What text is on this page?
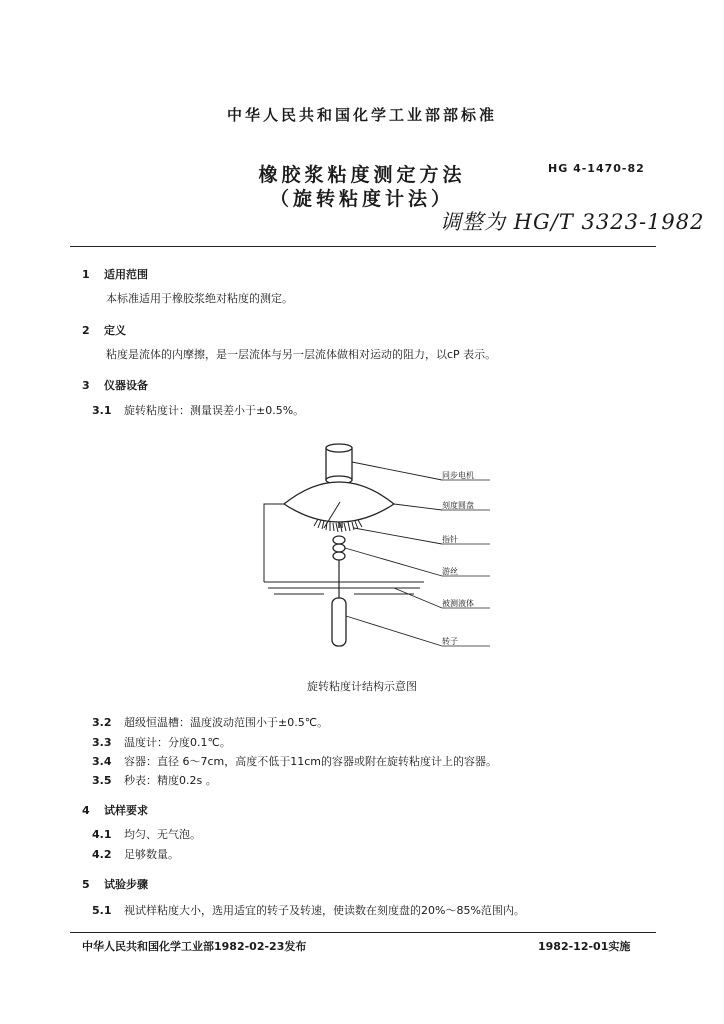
中华人民共和国化学工业部部标准
橡胶浆粘度测定方法
（旋转粘度计法）
HG 4-1470-82
调整为 HG/T 3323-1982
1 适用范围
本标准适用于橡胶浆绝对粘度的测定。
2 定义
粘度是流体的内摩擦，是一层流体与另一层流体做相对运动的阻力，以cP 表示。
3 仪器设备
3.1 旋转粘度计：测量误差小于±0.5%。
同步电机
刻度圆盘
指针
游丝
被测液体
转子
旋转粘度计结构示意图
3.2 超级恒温槽：温度波动范围小于±0.5℃。
3.3 温度计：分度0.1℃。
3.4 容器：直径 6～7cm，高度不低于11cm的容器或附在旋转粘度计上的容器。
3.5 秒表：精度0.2s 。
4 试样要求
4.1 均匀、无气泡。
4.2 足够数量。
5 试验步骤
5.1 视试样粘度大小，选用适宜的转子及转速，使读数在刻度盘的20%～85%范围内。
中华人民共和国化学工业部1982-02-23发布	1982-12-01实施
